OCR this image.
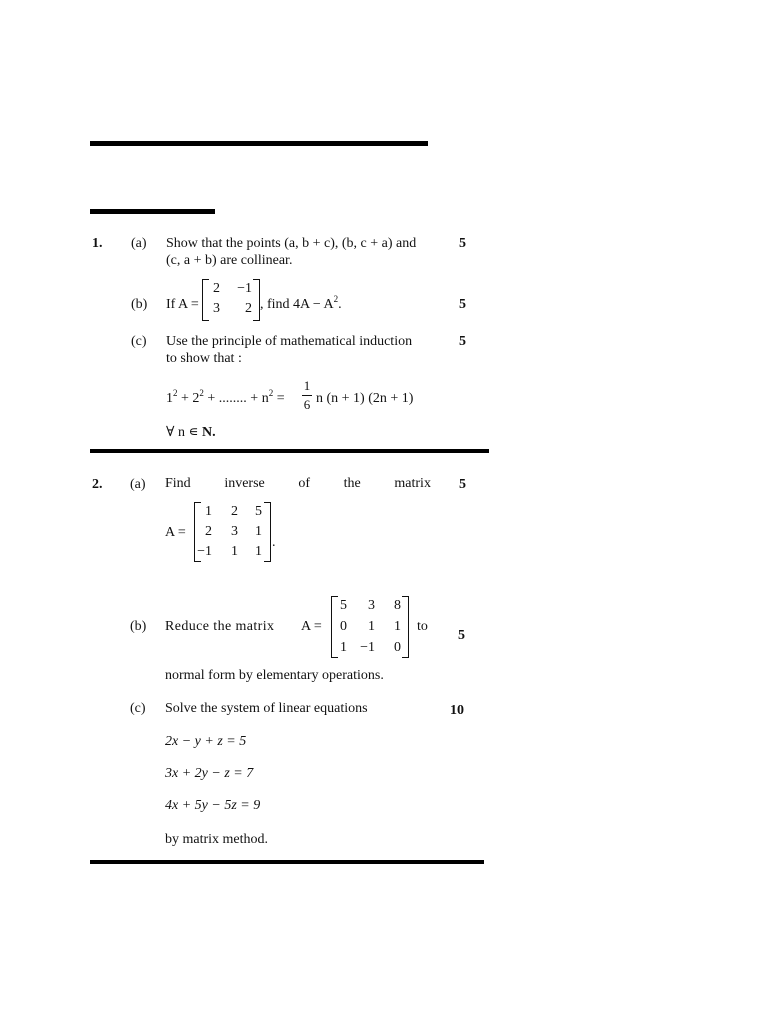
1. (a) Show that the points (a, b + c), (b, c + a) and
(c, a + b) are collinear.
5
(b) If A =
2	−1
3	2 , find $4A - A^2$.	5
(c) Use the principle of mathematical induction
to show that :
5
$1^2 + 2^2$ + ........ + $n^2$ =
1
6 n (n + 1) (2n + 1)
∀ n ∊ N.
2. (a) Find inverse of the matrix 5
A =
1	2	5
2	3	1
−1	1	1
.
(b) Reduce the matrix A =
5	3	8
0	1	1
1 −1	0
to
5
normal form by elementary operations.
(c) Solve the system of linear equations	10
2x − y + z = 5
3x + 2y − z = 7
4x + 5y − 5z = 9
by matrix method.
